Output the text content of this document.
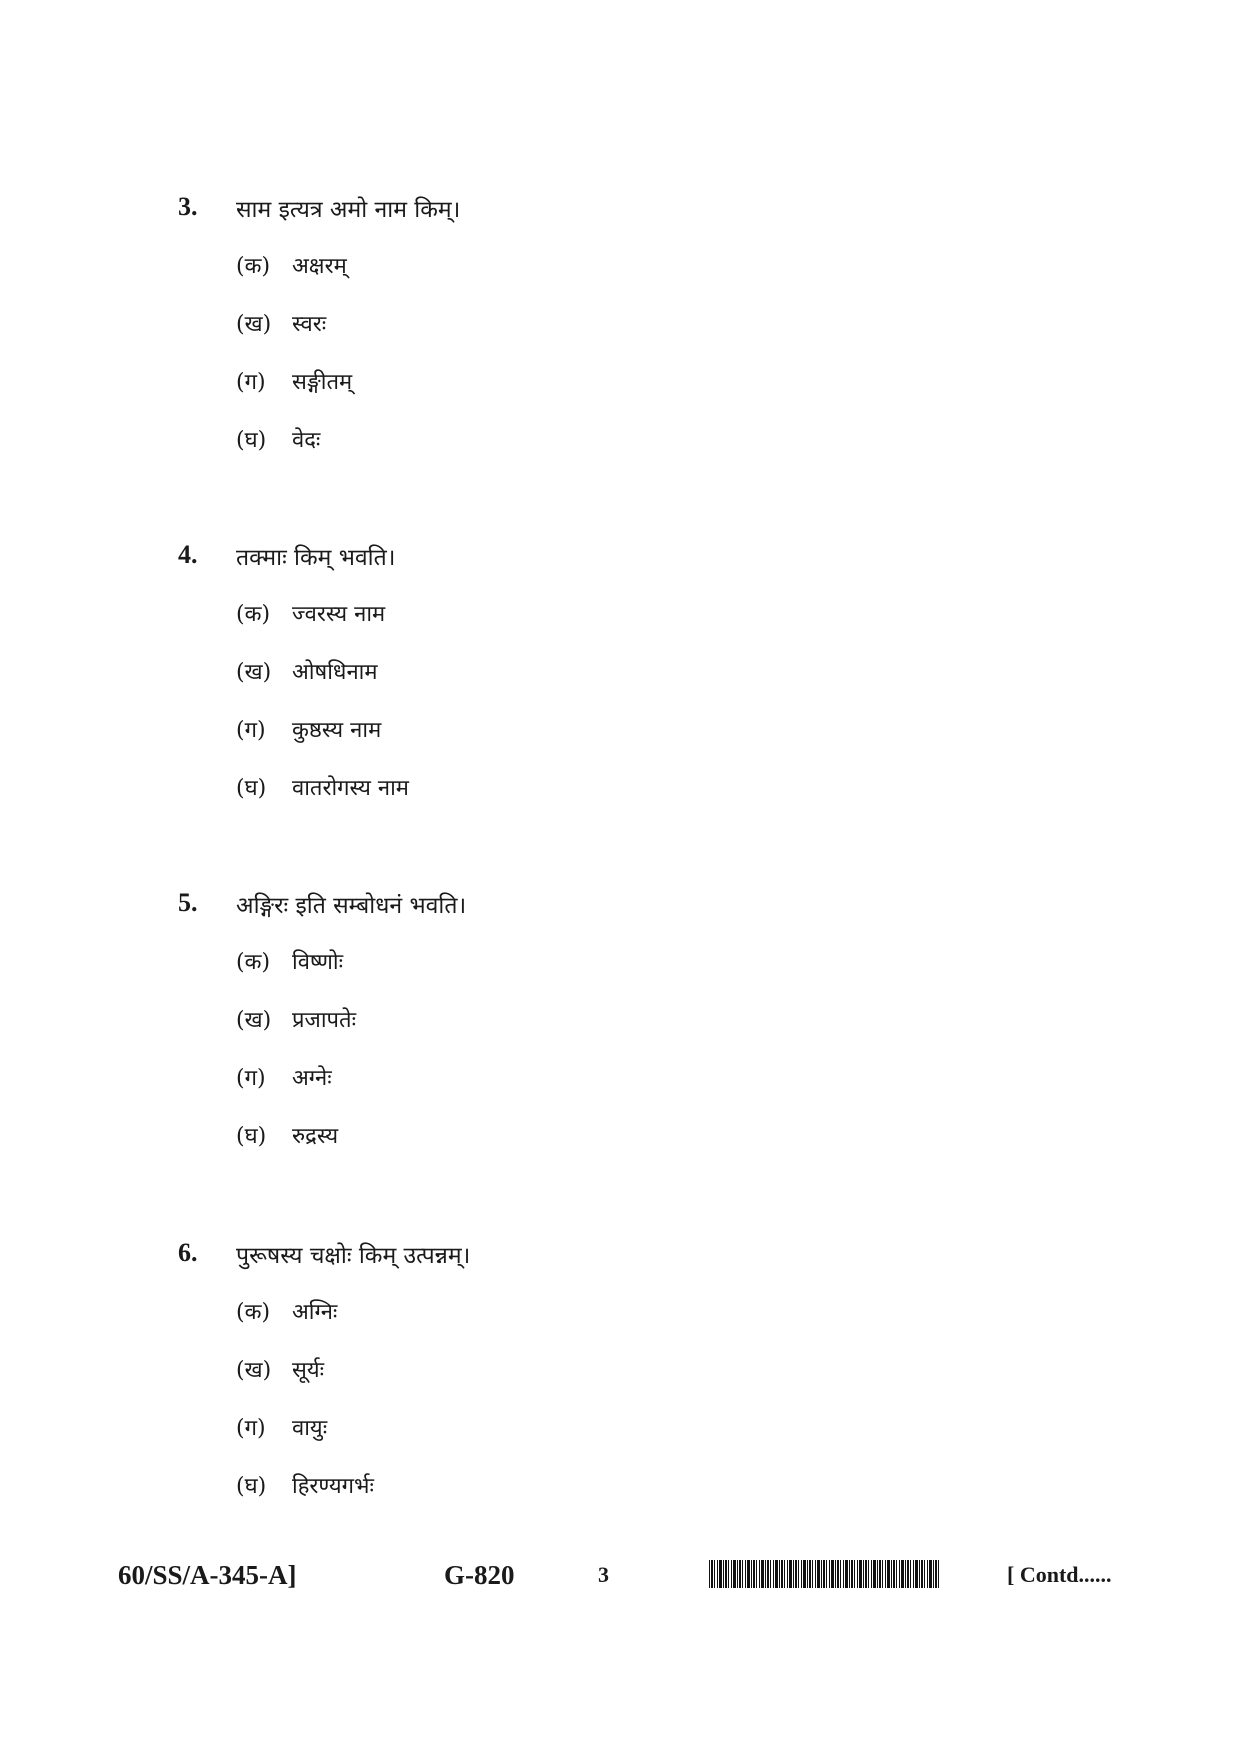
3. साम इत्यत्र अमो नाम किम्।
(क) अक्षरम्
(ख) स्वरः
(ग) सङ्गीतम्
(घ) वेदः
4. तक्माः किम् भवति।
(क) ज्वरस्य नाम
(ख) ओषधिनाम
(ग) कुष्ठस्य नाम
(घ) वातरोगस्य नाम
5. अङ्गिरः इति सम्बोधनं भवति।
(क) विष्णोः
(ख) प्रजापतेः
(ग) अग्नेः
(घ) रुद्रस्य
6. पुरूषस्य चक्षोः किम् उत्पन्नम्।
(क) अग्निः
(ख) सूर्यः
(ग) वायुः
(घ) हिरण्यगर्भः
60/SS/A-345-A]	G-820	3	[ Contd......
